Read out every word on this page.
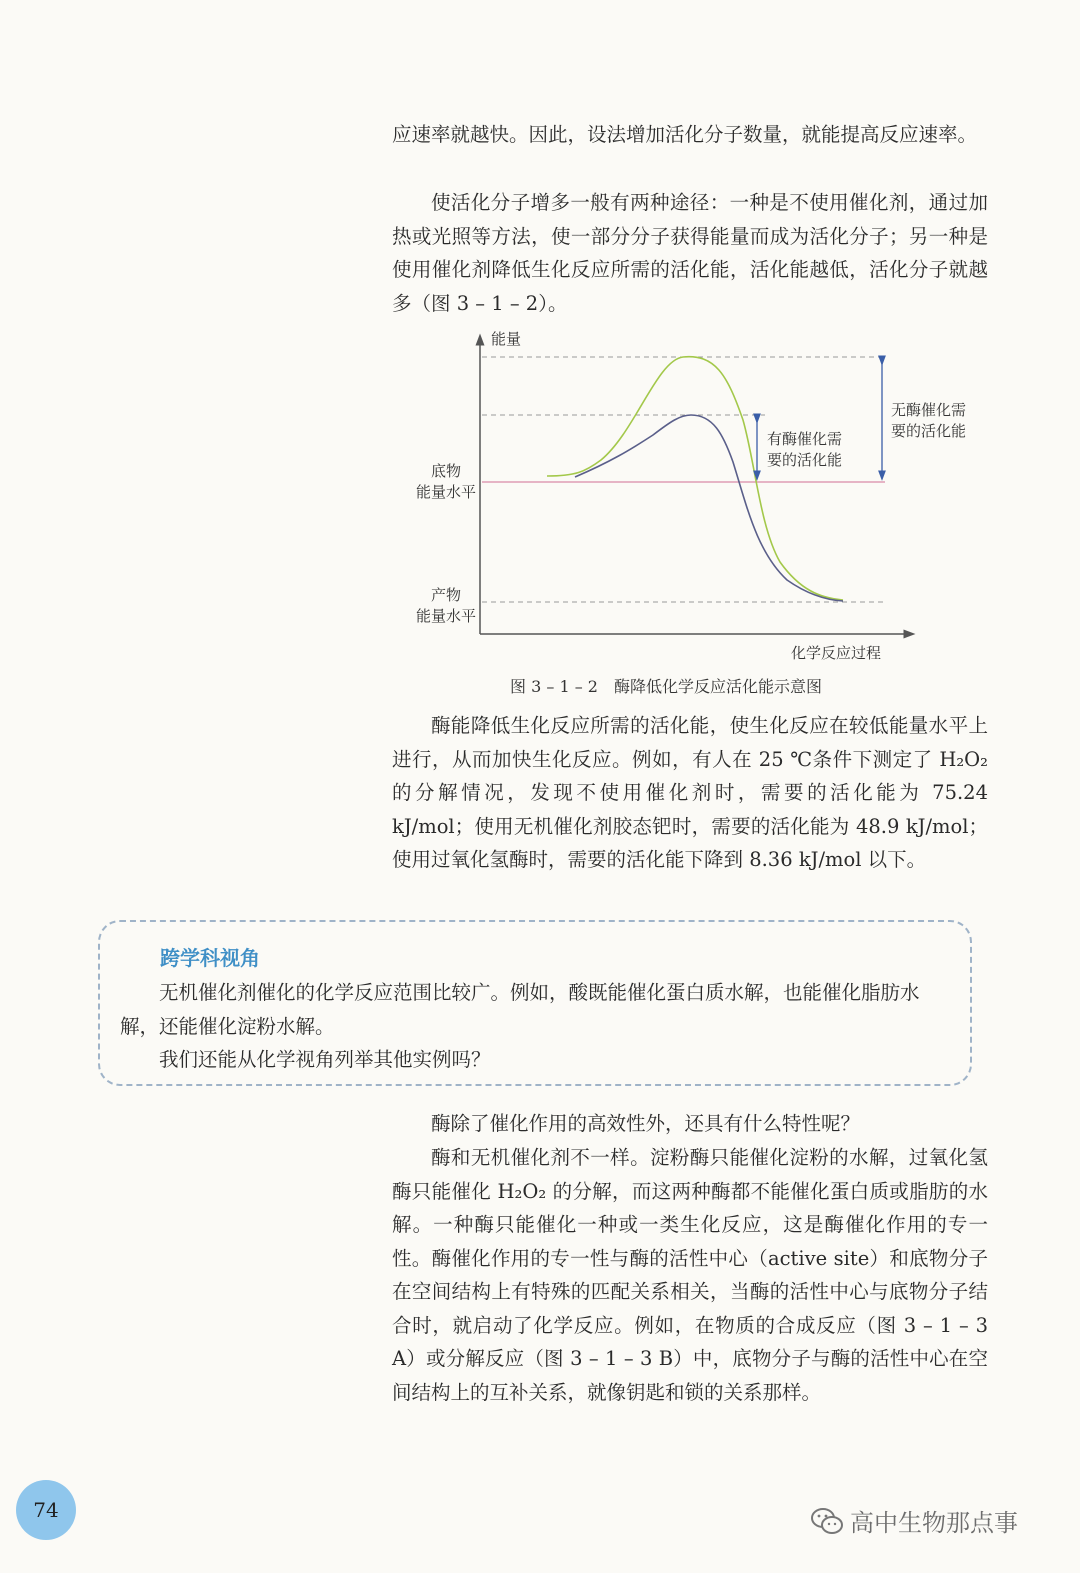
应速率就越快。因此，设法增加活化分子数量，就能提高反应速率。

使活化分子增多一般有两种途径：一种是不使用催化剂，通过加热或光照等方法，使一部分分子获得能量而成为活化分子；另一种是使用催化剂降低生化反应所需的活化能，活化能越低，活化分子就越多（图 3 – 1 – 2）。

能量
底物
能量水平
产物
能量水平
有酶催化需
要的活化能
无酶催化需
要的活化能
化学反应过程
图 3 – 1 – 2　酶降低化学反应活化能示意图

酶能降低生化反应所需的活化能，使生化反应在较低能量水平上进行，从而加快生化反应。例如，有人在 25 ℃条件下测定了 H₂O₂ 的分解情况，发现不使用催化剂时，需要的活化能为 75.24 kJ/mol；使用无机催化剂胶态钯时，需要的活化能为 48.9 kJ/mol；使用过氧化氢酶时，需要的活化能下降到 8.36 kJ/mol 以下。

跨学科视角

无机催化剂催化的化学反应范围比较广。例如，酸既能催化蛋白质水解，也能催化脂肪水解，还能催化淀粉水解。

我们还能从化学视角列举其他实例吗？

酶除了催化作用的高效性外，还具有什么特性呢？

酶和无机催化剂不一样。淀粉酶只能催化淀粉的水解，过氧化氢酶只能催化 H₂O₂ 的分解，而这两种酶都不能催化蛋白质或脂肪的水解。一种酶只能催化一种或一类生化反应，这是酶催化作用的专一性。酶催化作用的专一性与酶的活性中心（active site）和底物分子在空间结构上有特殊的匹配关系相关，当酶的活性中心与底物分子结合时，就启动了化学反应。例如，在物质的合成反应（图 3 – 1 – 3 A）或分解反应（图 3 – 1 – 3 B）中，底物分子与酶的活性中心在空间结构上的互补关系，就像钥匙和锁的关系那样。

74	高中生物那点事
